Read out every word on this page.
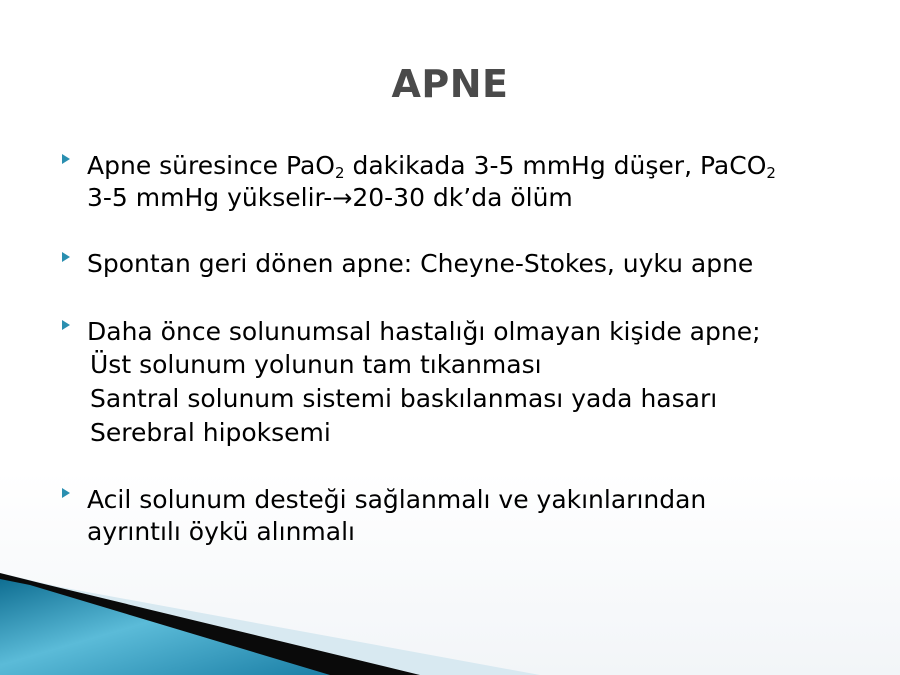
APNE
Apne süresince PaO$_2$ dakikada 3-5 mmHg düşer, PaCO$_2$
3-5 mmHg yükselir-→20-30 dk’da ölüm
Spontan geri dönen apne: Cheyne-Stokes, uyku apne
Daha önce solunumsal hastalığı olmayan kişide apne;
Üst solunum yolunun tam tıkanması
Santral solunum sistemi baskılanması yada hasarı
Serebral hipoksemi
Acil solunum desteği sağlanmalı ve yakınlarından
ayrıntılı öykü alınmalı
